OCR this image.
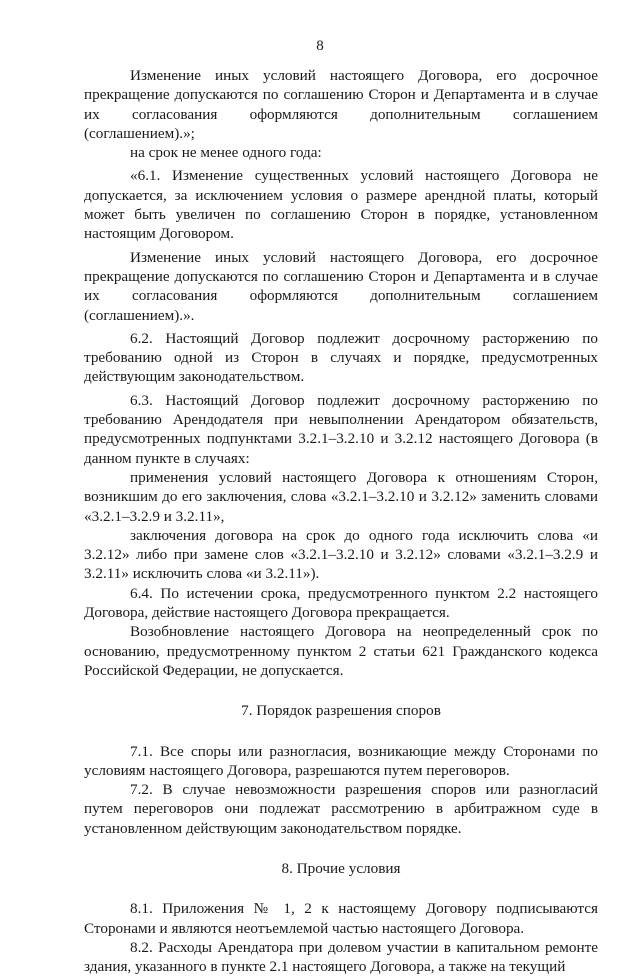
8

Изменение иных условий настоящего Договора, его досрочное прекращение допускаются по соглашению Сторон и Департамента и в случае их согласования оформляются дополнительным соглашением (соглашением).»;

на срок не менее одного года:

«6.1. Изменение существенных условий настоящего Договора не допускается, за исключением условия о размере арендной платы, который может быть увеличен по соглашению Сторон в порядке, установленном настоящим Договором.

Изменение иных условий настоящего Договора, его досрочное прекращение допускаются по соглашению Сторон и Департамента и в случае их согласования оформляются дополнительным соглашением (соглашением).».

6.2. Настоящий Договор подлежит досрочному расторжению по требованию одной из Сторон в случаях и порядке, предусмотренных действующим законодательством.

6.3. Настоящий Договор подлежит досрочному расторжению по требованию Арендодателя при невыполнении Арендатором обязательств, предусмотренных подпунктами 3.2.1–3.2.10 и 3.2.12 настоящего Договора (в данном пункте в случаях:

применения условий настоящего Договора к отношениям Сторон, возникшим до его заключения, слова «3.2.1–3.2.10 и 3.2.12» заменить словами «3.2.1–3.2.9 и 3.2.11»,

заключения договора на срок до одного года исключить слова «и 3.2.12» либо при замене слов «3.2.1–3.2.10 и 3.2.12» словами «3.2.1–3.2.9 и 3.2.11» исключить слова «и 3.2.11»).

6.4. По истечении срока, предусмотренного пунктом 2.2 настоящего Договора, действие настоящего Договора прекращается.

Возобновление настоящего Договора на неопределенный срок по основанию, предусмотренному пунктом 2 статьи 621 Гражданского кодекса Российской Федерации, не допускается.

7. Порядок разрешения споров

7.1. Все споры или разногласия, возникающие между Сторонами по условиям настоящего Договора, разрешаются путем переговоров.

7.2. В случае невозможности разрешения споров или разногласий путем переговоров они подлежат рассмотрению в арбитражном суде в установленном действующим законодательством порядке.

8. Прочие условия

8.1. Приложения № 1, 2 к настоящему Договору подписываются Сторонами и являются неотъемлемой частью настоящего Договора.

8.2. Расходы Арендатора при долевом участии в капитальном ремонте здания, указанного в пункте 2.1 настоящего Договора, а также на текущий
